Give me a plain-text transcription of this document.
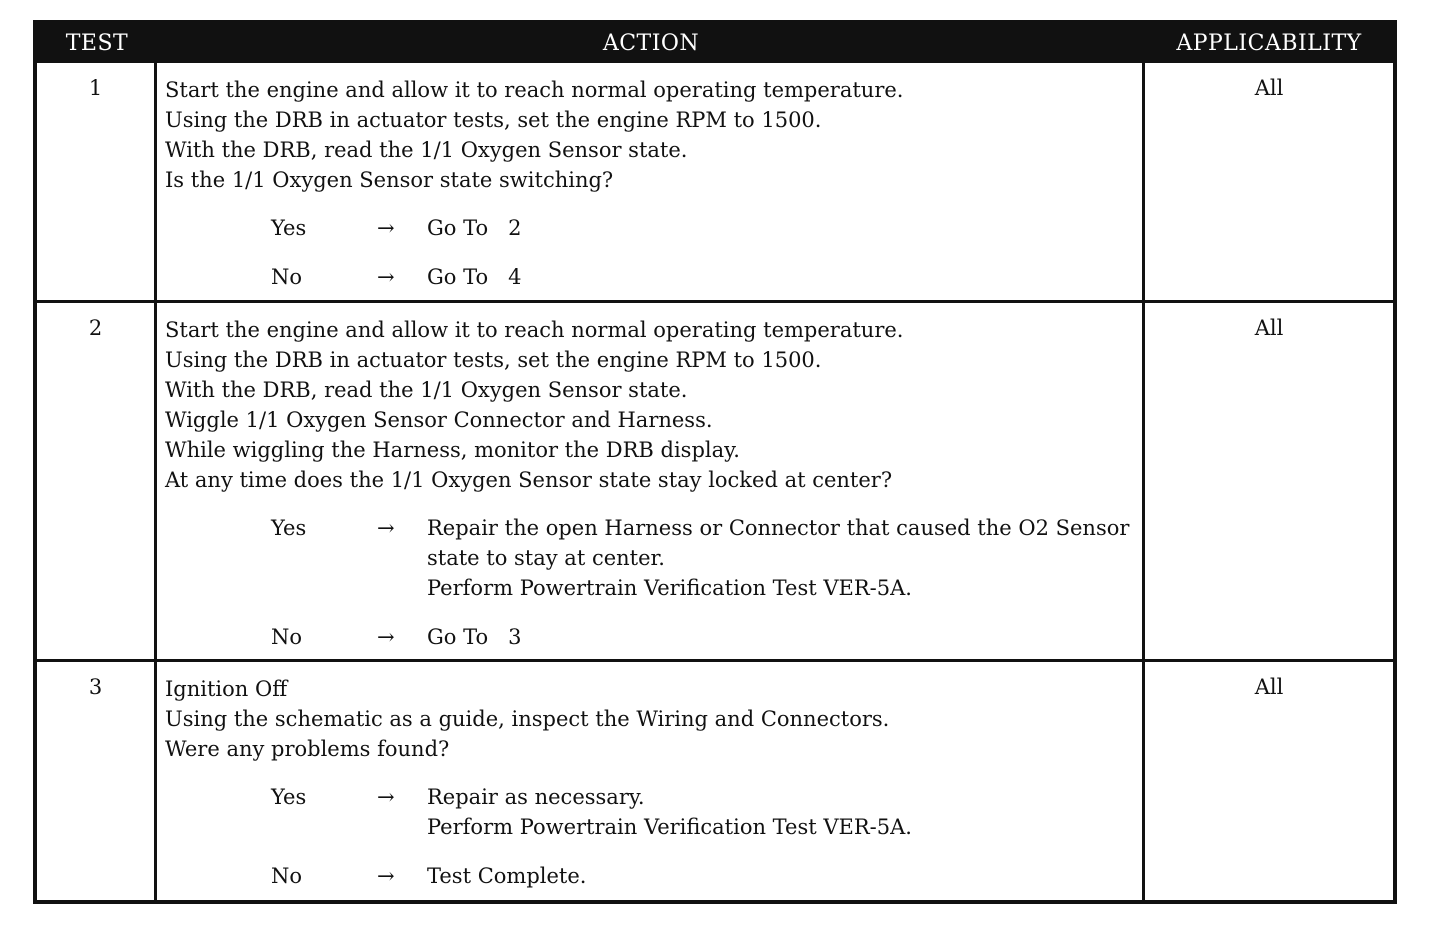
TEST	ACTION	APPLICABILITY
1	Start the engine and allow it to reach normal operating temperature.
Using the DRB in actuator tests, set the engine RPM to 1500.
With the DRB, read the 1/1 Oxygen Sensor state.
Is the 1/1 Oxygen Sensor state switching?
Yes	→	Go To   2
No	→	Go To   4
All
2	Start the engine and allow it to reach normal operating temperature.
Using the DRB in actuator tests, set the engine RPM to 1500.
With the DRB, read the 1/1 Oxygen Sensor state.
Wiggle 1/1 Oxygen Sensor Connector and Harness.
While wiggling the Harness, monitor the DRB display.
At any time does the 1/1 Oxygen Sensor state stay locked at center?
Yes	→	Repair the open Harness or Connector that caused the O2 Sensor
state to stay at center.
Perform Powertrain Verification Test VER-5A.
No	→	Go To   3
All
3	Ignition Off
Using the schematic as a guide, inspect the Wiring and Connectors.
Were any problems found?
Yes	→	Repair as necessary.
Perform Powertrain Verification Test VER-5A.
No	→	Test Complete.
All
